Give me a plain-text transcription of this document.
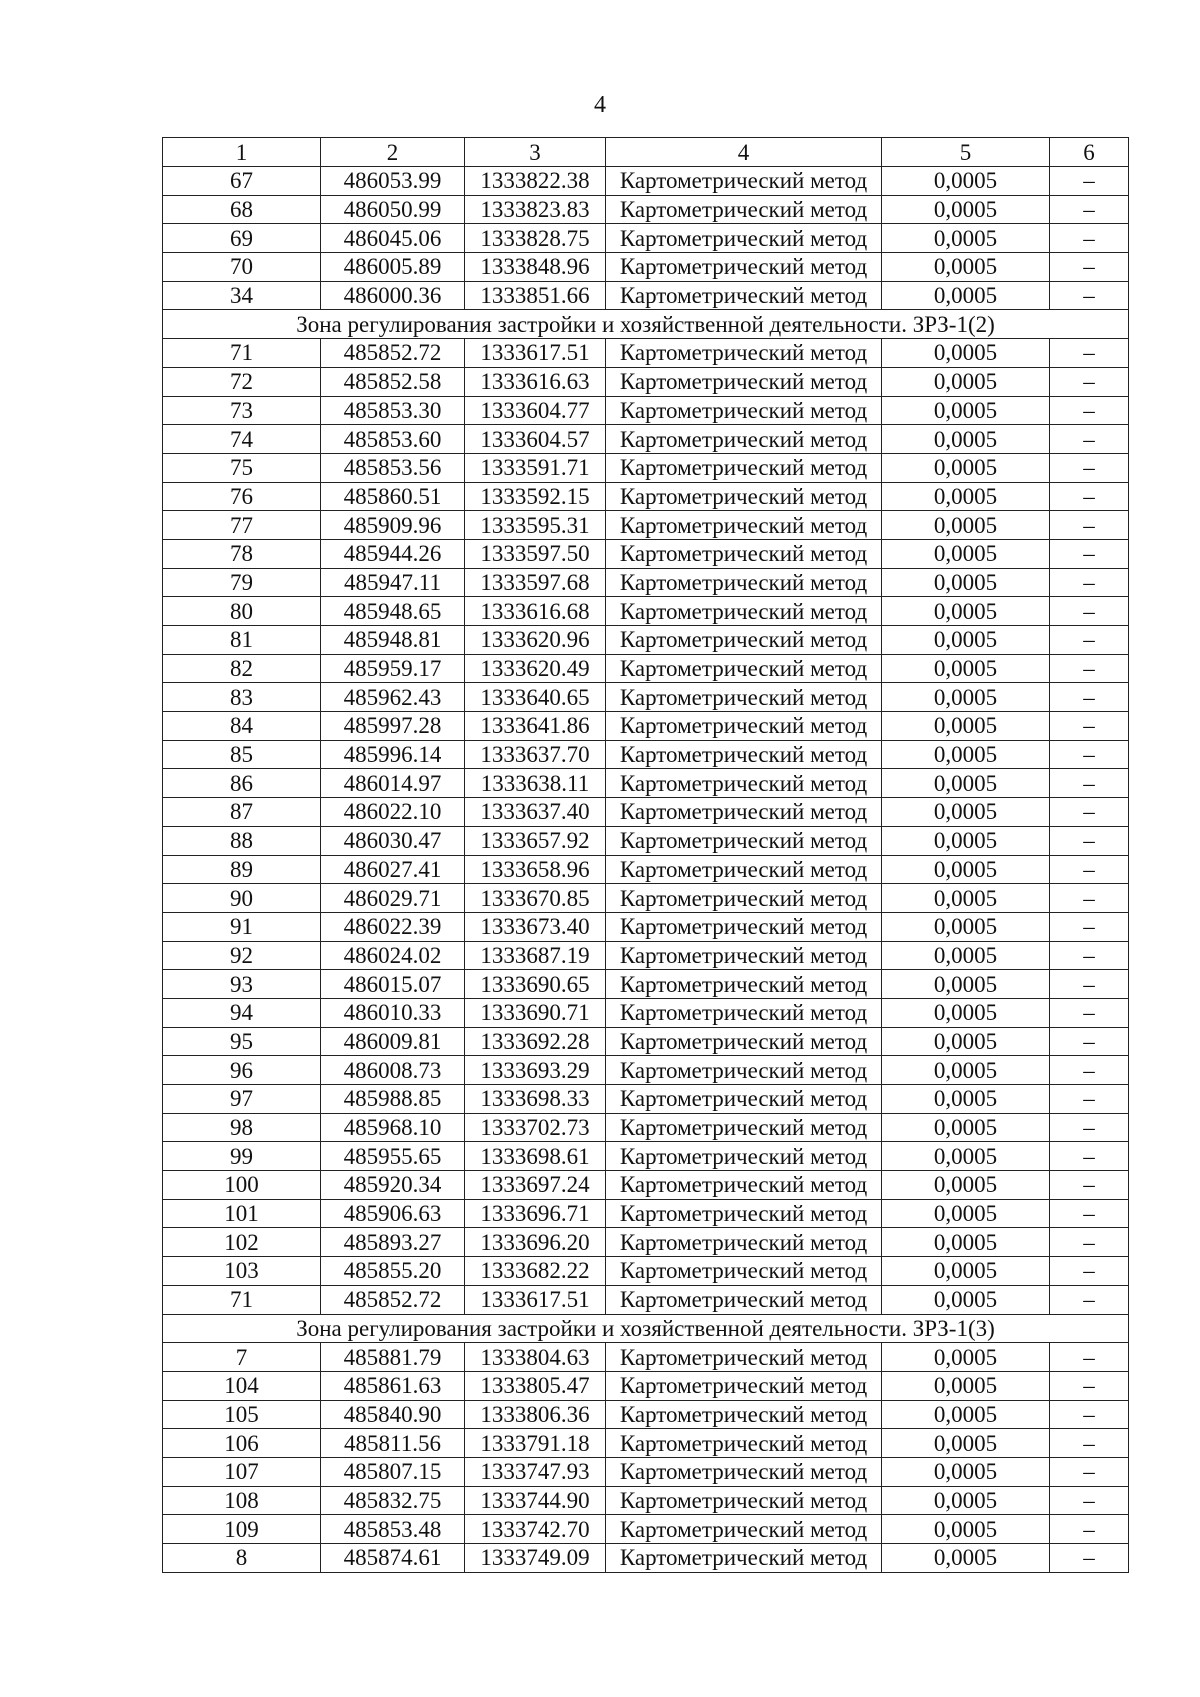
4
1	2	3	4	5	6
67	486053.99	1333822.38	Картометрический метод	0,0005	–
68	486050.99	1333823.83	Картометрический метод	0,0005	–
69	486045.06	1333828.75	Картометрический метод	0,0005	–
70	486005.89	1333848.96	Картометрический метод	0,0005	–
34	486000.36	1333851.66	Картометрический метод	0,0005	–
Зона регулирования застройки и хозяйственной деятельности. ЗРЗ-1(2)					
71	485852.72	1333617.51	Картометрический метод	0,0005	–
72	485852.58	1333616.63	Картометрический метод	0,0005	–
73	485853.30	1333604.77	Картометрический метод	0,0005	–
74	485853.60	1333604.57	Картометрический метод	0,0005	–
75	485853.56	1333591.71	Картометрический метод	0,0005	–
76	485860.51	1333592.15	Картометрический метод	0,0005	–
77	485909.96	1333595.31	Картометрический метод	0,0005	–
78	485944.26	1333597.50	Картометрический метод	0,0005	–
79	485947.11	1333597.68	Картометрический метод	0,0005	–
80	485948.65	1333616.68	Картометрический метод	0,0005	–
81	485948.81	1333620.96	Картометрический метод	0,0005	–
82	485959.17	1333620.49	Картометрический метод	0,0005	–
83	485962.43	1333640.65	Картометрический метод	0,0005	–
84	485997.28	1333641.86	Картометрический метод	0,0005	–
85	485996.14	1333637.70	Картометрический метод	0,0005	–
86	486014.97	1333638.11	Картометрический метод	0,0005	–
87	486022.10	1333637.40	Картометрический метод	0,0005	–
88	486030.47	1333657.92	Картометрический метод	0,0005	–
89	486027.41	1333658.96	Картометрический метод	0,0005	–
90	486029.71	1333670.85	Картометрический метод	0,0005	–
91	486022.39	1333673.40	Картометрический метод	0,0005	–
92	486024.02	1333687.19	Картометрический метод	0,0005	–
93	486015.07	1333690.65	Картометрический метод	0,0005	–
94	486010.33	1333690.71	Картометрический метод	0,0005	–
95	486009.81	1333692.28	Картометрический метод	0,0005	–
96	486008.73	1333693.29	Картометрический метод	0,0005	–
97	485988.85	1333698.33	Картометрический метод	0,0005	–
98	485968.10	1333702.73	Картометрический метод	0,0005	–
99	485955.65	1333698.61	Картометрический метод	0,0005	–
100	485920.34	1333697.24	Картометрический метод	0,0005	–
101	485906.63	1333696.71	Картометрический метод	0,0005	–
102	485893.27	1333696.20	Картометрический метод	0,0005	–
103	485855.20	1333682.22	Картометрический метод	0,0005	–
71	485852.72	1333617.51	Картометрический метод	0,0005	–
Зона регулирования застройки и хозяйственной деятельности. ЗРЗ-1(3)					
7	485881.79	1333804.63	Картометрический метод	0,0005	–
104	485861.63	1333805.47	Картометрический метод	0,0005	–
105	485840.90	1333806.36	Картометрический метод	0,0005	–
106	485811.56	1333791.18	Картометрический метод	0,0005	–
107	485807.15	1333747.93	Картометрический метод	0,0005	–
108	485832.75	1333744.90	Картометрический метод	0,0005	–
109	485853.48	1333742.70	Картометрический метод	0,0005	–
8	485874.61	1333749.09	Картометрический метод	0,0005	–
